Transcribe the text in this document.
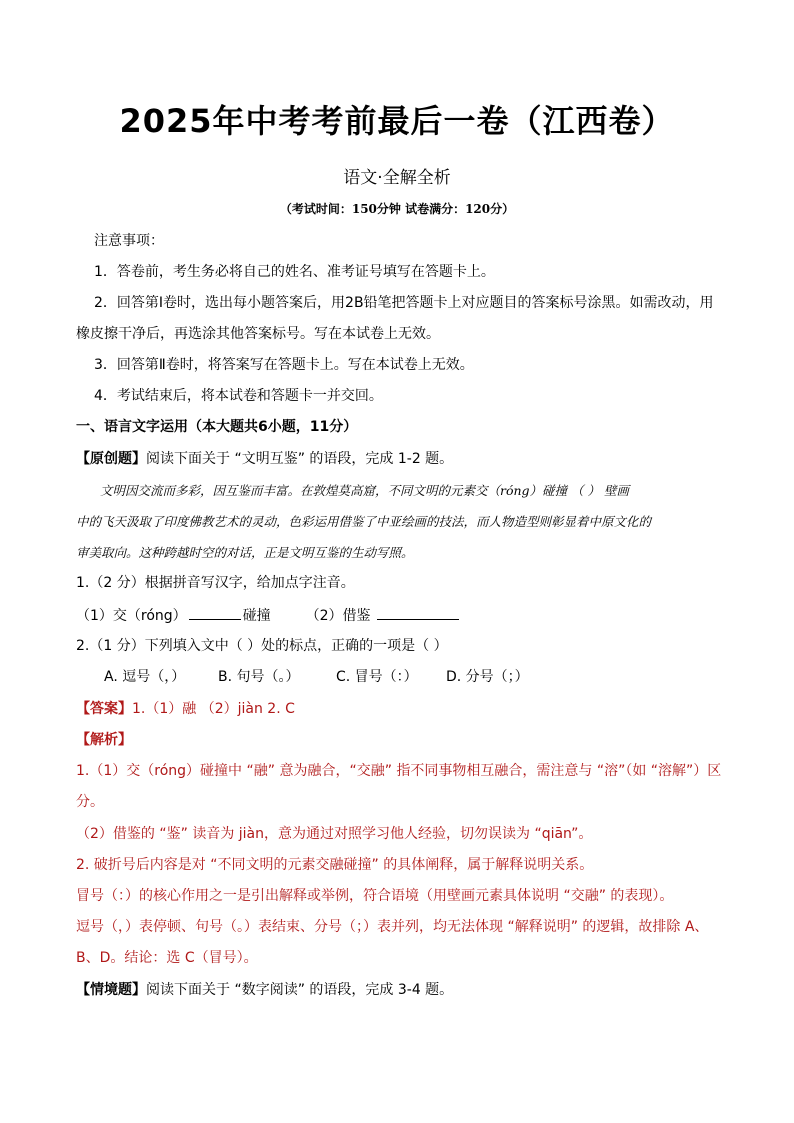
2025年中考考前最后一卷（江西卷）
语文·全解全析
（考试时间：150分钟 试卷满分：120分）
注意事项：
1．答卷前，考生务必将自己的姓名、准考证号填写在答题卡上。
2．回答第Ⅰ卷时，选出每小题答案后，用2B铅笔把答题卡上对应题目的答案标号涂黑。如需改动，用
橡皮擦干净后，再选涂其他答案标号。写在本试卷上无效。
3．回答第Ⅱ卷时，将答案写在答题卡上。写在本试卷上无效。
4．考试结束后，将本试卷和答题卡一并交回。
一、语言文字运用（本大题共6小题，11分）
【原创题】阅读下面关于 “文明互鉴” 的语段，完成 1-2 题。
文明因交流而多彩，因互鉴而丰富。在敦煌莫高窟，不同文明的元素交（róng）碰撞 （ ） 壁画
中的飞天汲取了印度佛教艺术的灵动，色彩运用借鉴了中亚绘画的技法，而人物造型则彰显着中原文化的
审美取向。这种跨越时空的对话，正是文明互鉴的生动写照。
1.（2 分）根据拼音写汉字，给加点字注音。
（1）交（róng）	碰撞 （2）借鉴
2.（1 分）下列填入文中（ ）处的标点，正确的一项是（ ）
A. 逗号（，） B. 句号（。）	C. 冒号（：） D. 分号（；）
【答案】1.（1）融 （2）jiàn 2. C
【解析】
1.（1）交（róng）碰撞中 “融” 意为融合，“交融” 指不同事物相互融合，需注意与 “溶”（如 “溶解”）区
分。
（2）借鉴的 “鉴” 读音为 jiàn，意为通过对照学习他人经验，切勿误读为 “qiān”。
2. 破折号后内容是对 “不同文明的元素交融碰撞” 的具体阐释，属于解释说明关系。
冒号（：）的核心作用之一是引出解释或举例，符合语境（用壁画元素具体说明 “交融” 的表现）。
逗号（，）表停顿、句号（。）表结束、分号（；）表并列，均无法体现 “解释说明” 的逻辑，故排除 A、
B、D。结论：选 C（冒号）。
【情境题】阅读下面关于 “数字阅读” 的语段，完成 3-4 题。
